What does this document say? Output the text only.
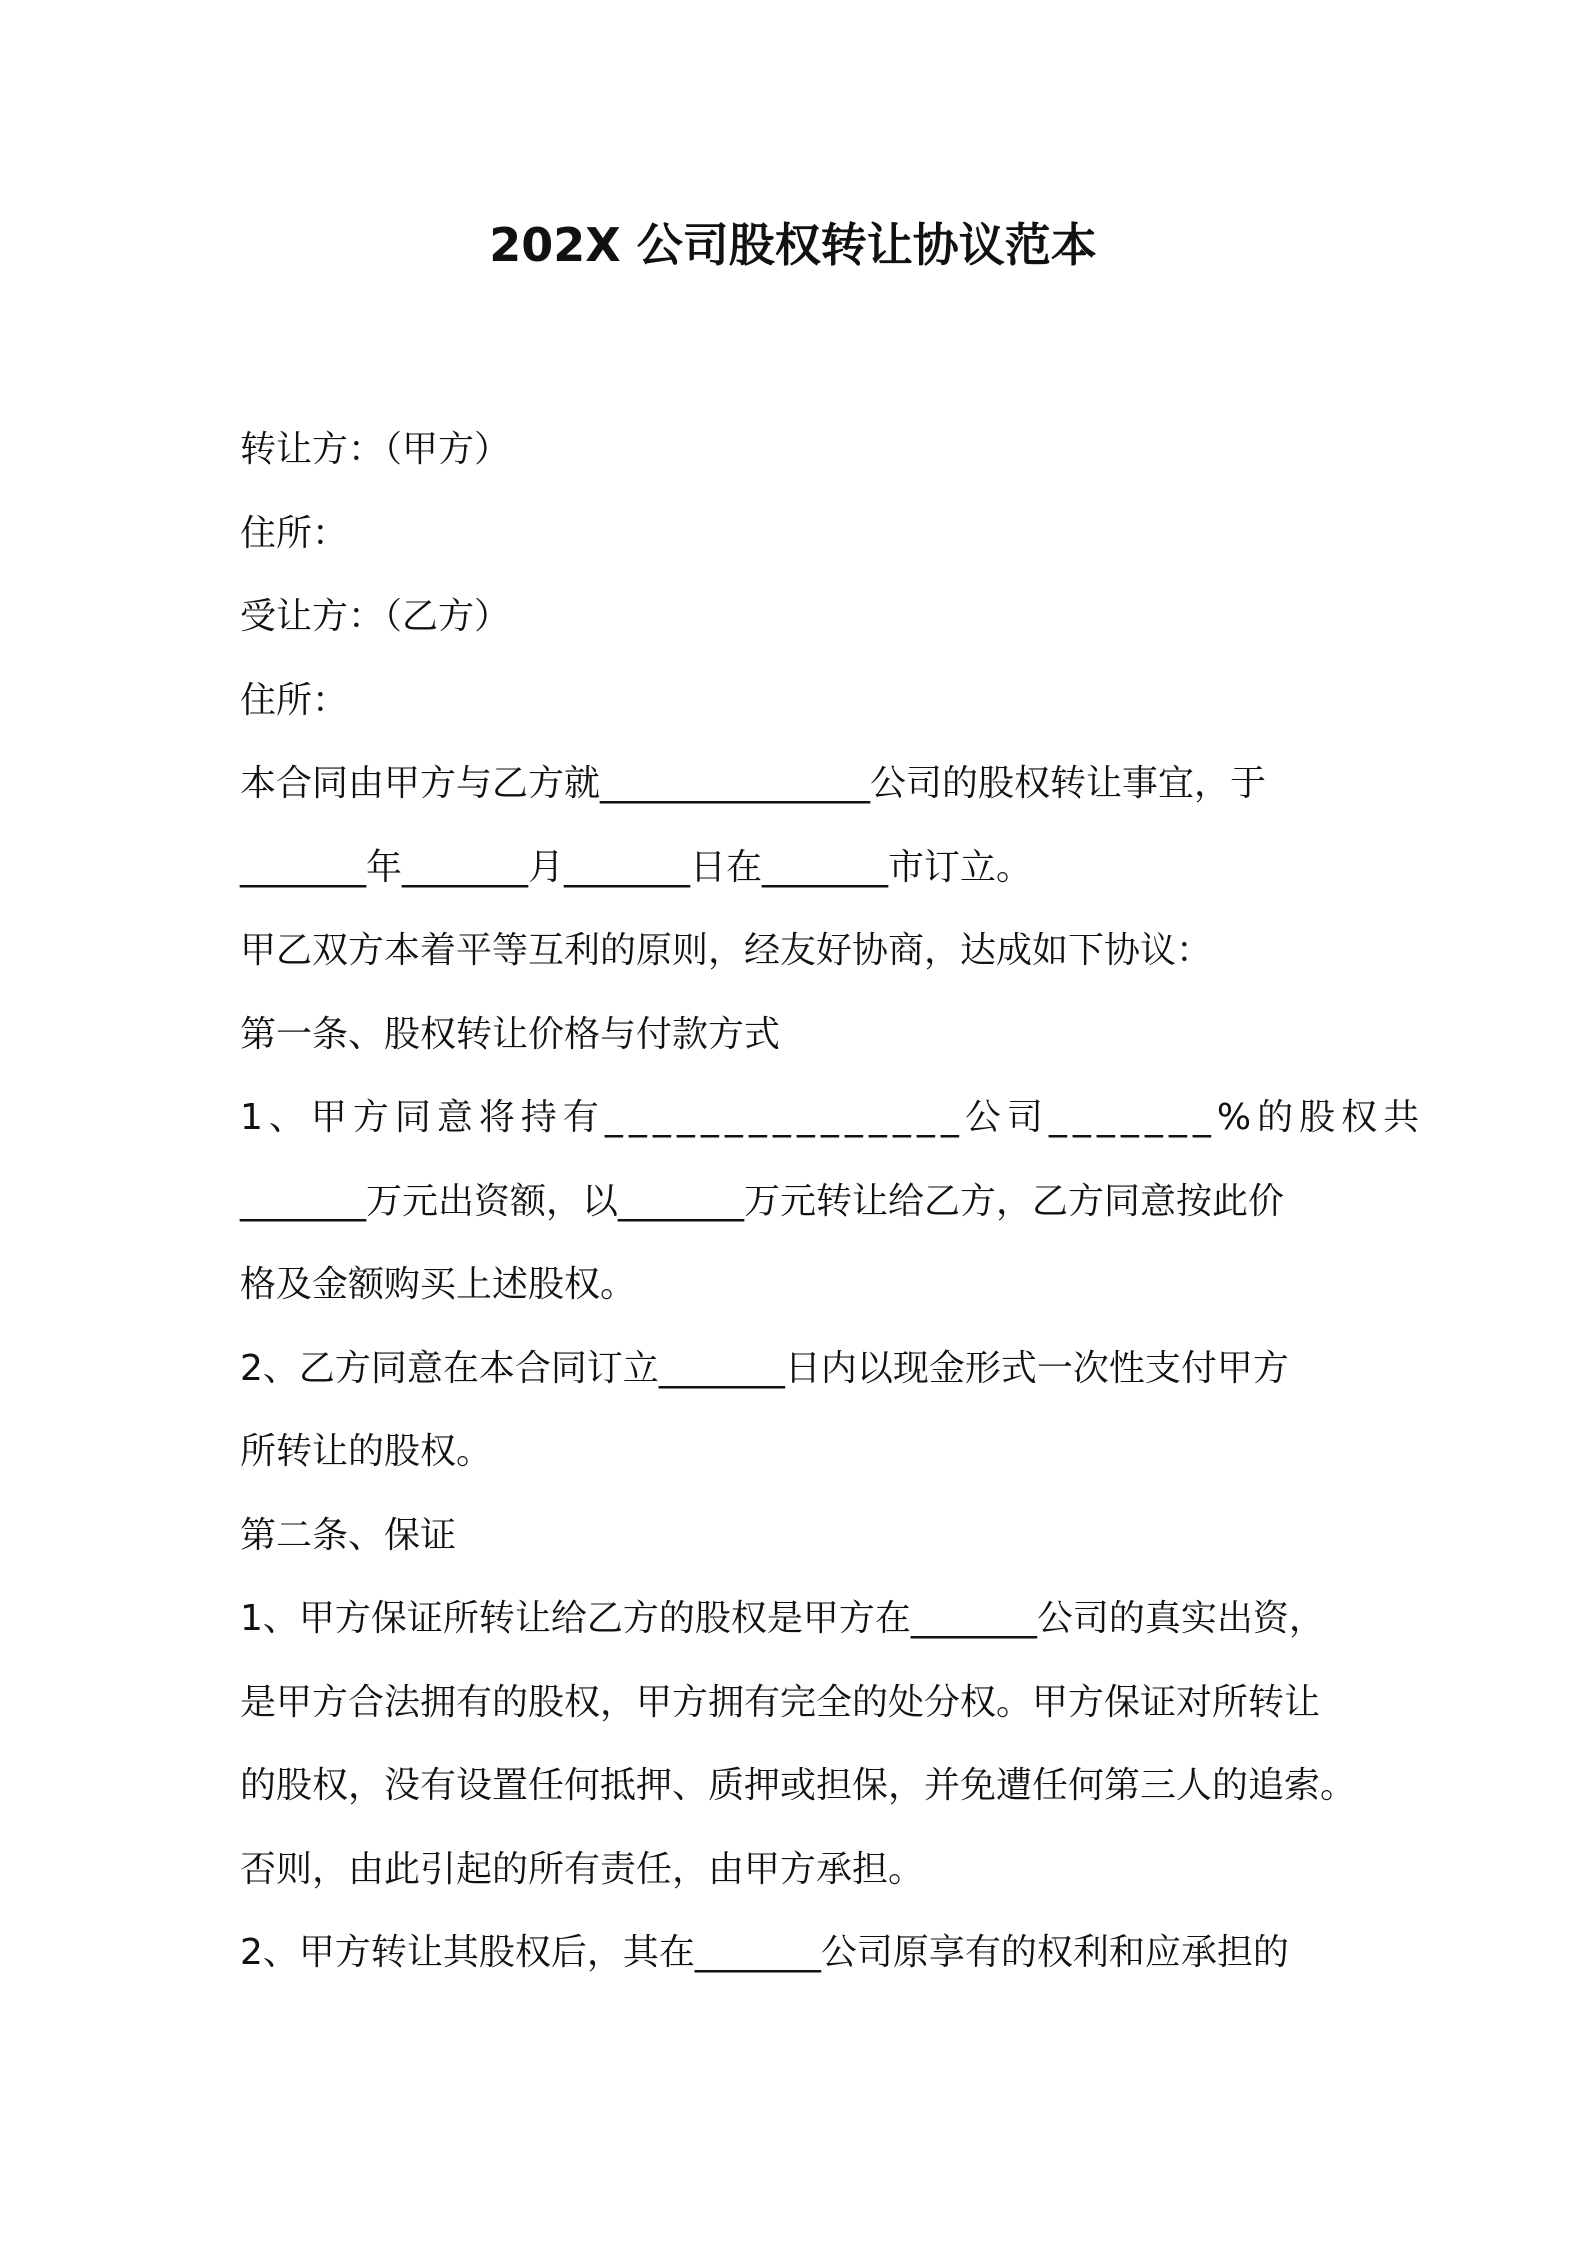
202X 公司股权转让协议范本
转让方：（甲方）
住所：
受让方：（乙方）
住所：
本合同由甲方与乙方就_______________公司的股权转让事宜，于
_______年_______月_______日在_______市订立。
甲乙双方本着平等互利的原则，经友好协商，达成如下协议：
第一条、股权转让价格与付款方式
1、甲方同意将持有_______________公司_______%的股权共
_______万元出资额，以_______万元转让给乙方，乙方同意按此价
格及金额购买上述股权。
2、乙方同意在本合同订立_______日内以现金形式一次性支付甲方
所转让的股权。
第二条、保证
1、甲方保证所转让给乙方的股权是甲方在_______公司的真实出资，
是甲方合法拥有的股权，甲方拥有完全的处分权。甲方保证对所转让
的股权，没有设置任何抵押、质押或担保，并免遭任何第三人的追索。
否则，由此引起的所有责任，由甲方承担。
2、甲方转让其股权后，其在_______公司原享有的权利和应承担的
